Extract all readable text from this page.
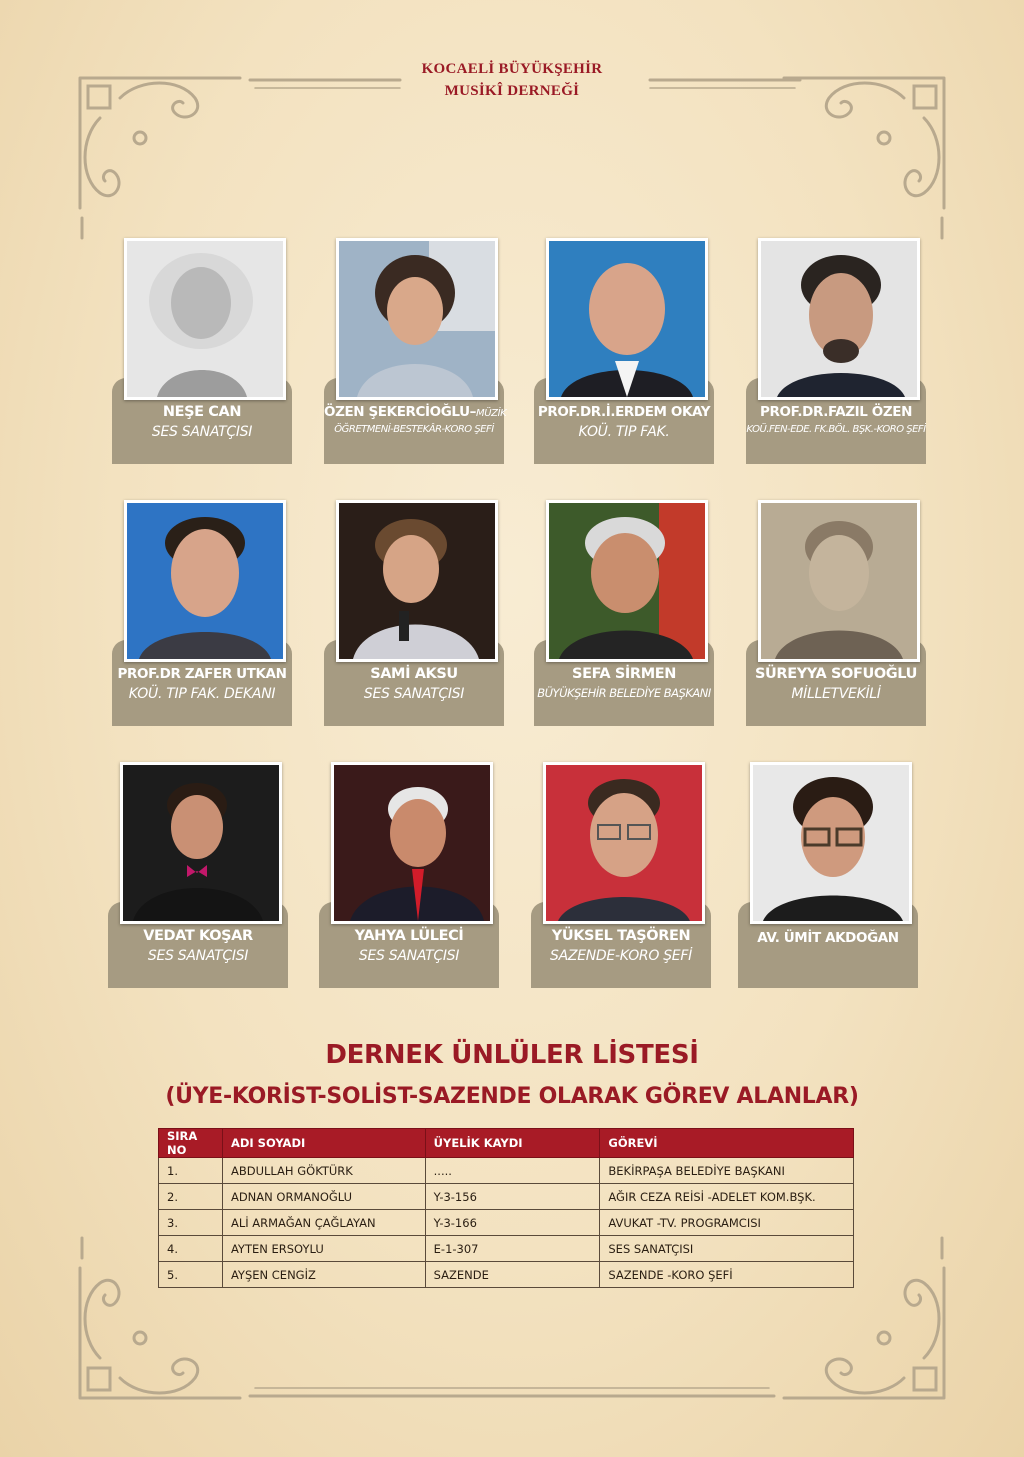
KOCAELİ BÜYÜKŞEHİR
MUSİKÎ DERNEĞİ
NEŞE CAN
SES SANATÇISI
ÖZEN ŞEKERCİOĞLU–MÜZİK
ÖĞRETMENİ-BESTEKÂR-KORO ŞEFİ
PROF.DR.İ.ERDEM OKAY
KOÜ. TIP FAK.
PROF.DR.FAZIL ÖZEN
KOÜ.FEN-EDE. FK.BÖL. BŞK.-KORO ŞEFİ
PROF.DR ZAFER UTKAN
KOÜ. TIP FAK. DEKANI
SAMİ AKSU
SES SANATÇISI
SEFA SİRMEN
BÜYÜKŞEHİR BELEDİYE BAŞKANI
SÜREYYA SOFUOĞLU
MİLLETVEKİLİ
VEDAT KOŞAR
SES SANATÇISI
YAHYA LÜLECİ
SES SANATÇISI
YÜKSEL TAŞÖREN
SAZENDE-KORO ŞEFİ
AV. ÜMİT AKDOĞAN
DERNEK ÜNLÜLER LİSTESİ
(ÜYE-KORİST-SOLİST-SAZENDE OLARAK GÖREV ALANLAR)
SIRA NO	ADI SOYADI	ÜYELİK KAYDI	GÖREVİ
1.	ABDULLAH GÖKTÜRK	.....	BEKİRPAŞA BELEDİYE BAŞKANI
2.	ADNAN ORMANOĞLU	Y-3-156	AĞIR CEZA REİSİ -ADELET KOM.BŞK.
3.	ALİ ARMAĞAN ÇAĞLAYAN	Y-3-166	AVUKAT -TV. PROGRAMCISI
4.	AYTEN ERSOYLU	E-1-307	SES SANATÇISI
5.	AYŞEN CENGİZ	SAZENDE	SAZENDE -KORO ŞEFİ
